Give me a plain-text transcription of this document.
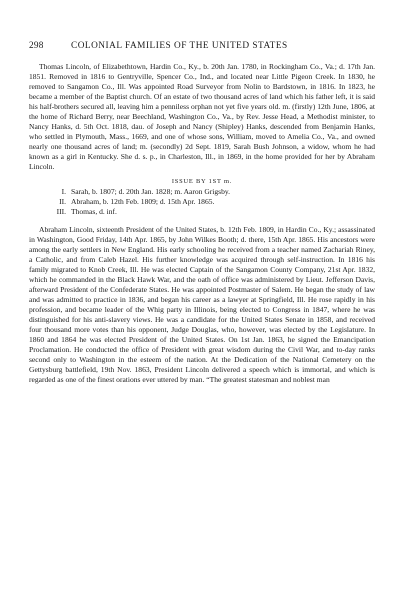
298	COLONIAL FAMILIES OF THE UNITED STATES

Thomas Lincoln, of Elizabethtown, Hardin Co., Ky., b. 20th Jan. 1780, in Rockingham Co., Va.; d. 17th Jan. 1851. Removed in 1816 to Gentryville, Spencer Co., Ind., and located near Little Pigeon Creek. In 1830, he removed to Sangamon Co., Ill. Was appointed Road Surveyor from Nolin to Bardstown, in 1816. In 1823, he became a member of the Baptist church. Of an estate of two thousand acres of land which his father left, it is said his half-brothers secured all, leaving him a penniless orphan not yet five years old. m. (firstly) 12th June, 1806, at the home of Richard Berry, near Beechland, Washington Co., Va., by Rev. Jesse Head, a Methodist minister, to Nancy Hanks, d. 5th Oct. 1818, dau. of Joseph and Nancy (Shipley) Hanks, descended from Benjamin Hanks, who settled in Plymouth, Mass., 1669, and one of whose sons, William, moved to Amelia Co., Va., and owned nearly one thousand acres of land; m. (secondly) 2d Sept. 1819, Sarah Bush Johnson, a widow, whom he had known as a girl in Kentucky. She d. s. p., in Charleston, Ill., in 1869, in the home provided for her by Abraham Lincoln.

ISSUE BY 1ST m.
I. Sarah, b. 1807; d. 20th Jan. 1828; m. Aaron Grigsby.
II. Abraham, b. 12th Feb. 1809; d. 15th Apr. 1865.
III. Thomas, d. inf.

Abraham Lincoln, sixteenth President of the United States, b. 12th Feb. 1809, in Hardin Co., Ky.; assassinated in Washington, Good Friday, 14th Apr. 1865, by John Wilkes Booth; d. there, 15th Apr. 1865. His ancestors were among the early settlers in New England. His early schooling he received from a teacher named Zachariah Riney, a Catholic, and from Caleb Hazel. His further knowledge was acquired through self-instruction. In 1816 his family migrated to Knob Creek, Ill. He was elected Captain of the Sangamon County Company, 21st Apr. 1832, which he commanded in the Black Hawk War, and the oath of office was administered by Lieut. Jefferson Davis, afterward President of the Confederate States. He was appointed Postmaster of Salem. He began the study of law and was admitted to practice in 1836, and began his career as a lawyer at Springfield, Ill. He rose rapidly in his profession, and became leader of the Whig party in Illinois, being elected to Congress in 1847, where he was distinguished for his anti-slavery views. He was a candidate for the United States Senate in 1858, and received four thousand more votes than his opponent, Judge Douglas, who, however, was elected by the Legislature. In 1860 and 1864 he was elected President of the United States. On 1st Jan. 1863, he signed the Emancipation Proclamation. He conducted the office of President with great wisdom during the Civil War, and to-day ranks second only to Washington in the esteem of the nation. At the Dedication of the National Cemetery on the Gettysburg battlefield, 19th Nov. 1863, President Lincoln delivered a speech which is immortal, and which is regarded as one of the finest orations ever uttered by man. “The greatest statesman and noblest man
